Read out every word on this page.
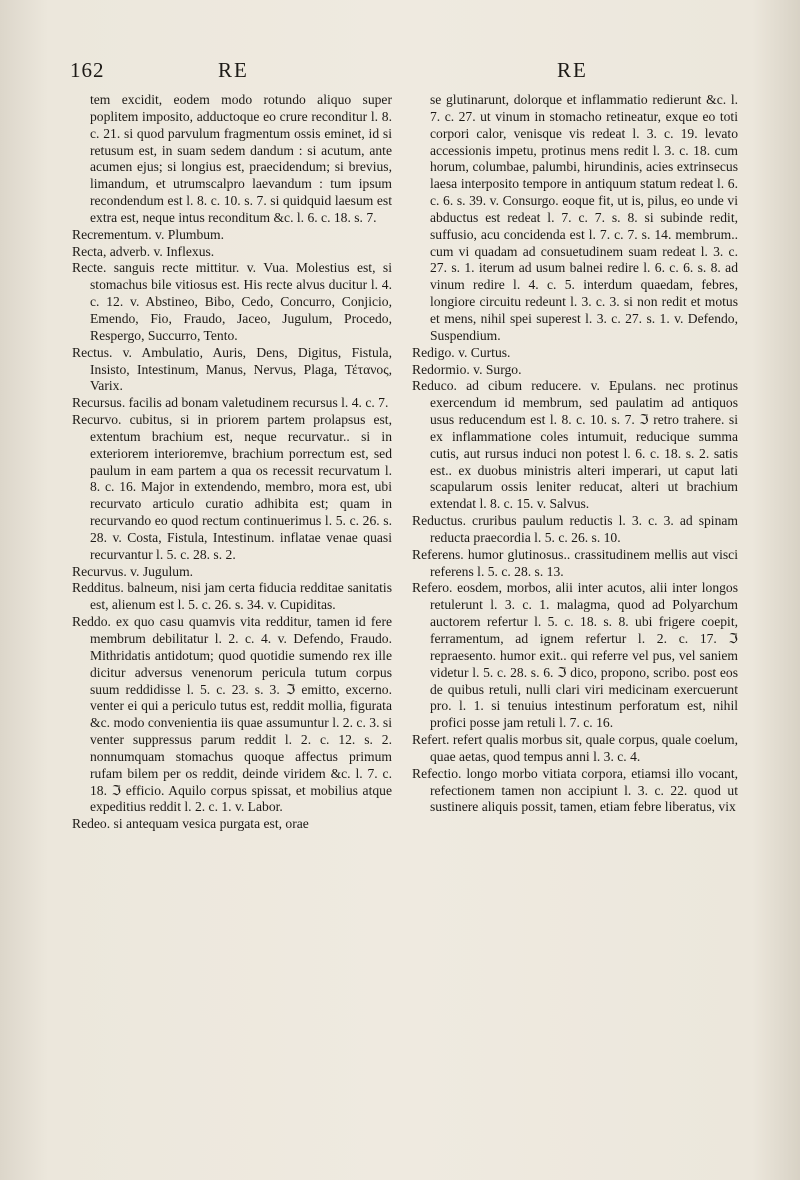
162	RE	RE

tem excidit, eodem modo rotundo aliquo super poplitem imposito, adductoque eo crure reconditur l. 8. c. 21. si quod parvulum fragmentum ossis eminet, id si retusum est, in suam sedem dandum : si acutum, ante acumen ejus; si longius est, praecidendum; si brevius, limandum, et utrumscalpro laevandum : tum ipsum recondendum est l. 8. c. 10. s. 7. si quidquid laesum est extra est, neque intus reconditum &c. l. 6. c. 18. s. 7.

Recrementum. v. Plumbum.

Recta, adverb. v. Inflexus.

Recte. sanguis recte mittitur. v. Vua. Molestius est, si stomachus bile vitiosus est. His recte alvus ducitur l. 4. c. 12. v. Abstineo, Bibo, Cedo, Concurro, Conjicio, Emendo, Fio, Fraudo, Jaceo, Jugulum, Procedo, Respergo, Succurro, Tento.

Rectus. v. Ambulatio, Auris, Dens, Digitus, Fistula, Insisto, Intestinum, Manus, Nervus, Plaga, Τέτανος, Varix.

Recursus. facilis ad bonam valetudinem recursus l. 4. c. 7.

Recurvo. cubitus, si in priorem partem prolapsus est, extentum brachium est, neque recurvatur.. si in exteriorem interioremve, brachium porrectum est, sed paulum in eam partem a qua os recessit recurvatum l. 8. c. 16. Major in extendendo, membro, mora est, ubi recurvato articulo curatio adhibita est; quam in recurvando eo quod rectum continuerimus l. 5. c. 26. s. 28. v. Costa, Fistula, Intestinum. inflatae venae quasi recurvantur l. 5. c. 28. s. 2.

Recurvus. v. Jugulum.

Redditus. balneum, nisi jam certa fiducia redditae sanitatis est, alienum est l. 5. c. 26. s. 34. v. Cupiditas.

Reddo. ex quo casu quamvis vita redditur, tamen id fere membrum debilitatur l. 2. c. 4. v. Defendo, Fraudo. Mithridatis antidotum; quod quotidie sumendo rex ille dicitur adversus venenorum pericula tutum corpus suum reddidisse l. 5. c. 23. s. 3. ℑ emitto, excerno. venter ei qui a periculo tutus est, reddit mollia, figurata &c. modo convenientia iis quae assumuntur l. 2. c. 3. si venter suppressus parum reddit l. 2. c. 12. s. 2. nonnumquam stomachus quoque affectus primum rufam bilem per os reddit, deinde viridem &c. l. 7. c. 18. ℑ efficio. Aquilo corpus spissat, et mobilius atque expeditius reddit l. 2. c. 1. v. Labor.

Redeo. si antequam vesica purgata est, orae

se glutinarunt, dolorque et inflammatio redierunt &c. l. 7. c. 27. ut vinum in stomacho retineatur, exque eo toti corpori calor, venisque vis redeat l. 3. c. 19. levato accessionis impetu, protinus mens redit l. 3. c. 18. cum horum, columbae, palumbi, hirundinis, acies extrinsecus laesa interposito tempore in antiquum statum redeat l. 6. c. 6. s. 39. v. Consurgo. eoque fit, ut is, pilus, eo unde vi abductus est redeat l. 7. c. 7. s. 8. si subinde redit, suffusio, acu concidenda est l. 7. c. 7. s. 14. membrum.. cum vi quadam ad consuetudinem suam redeat l. 3. c. 27. s. 1. iterum ad usum balnei redire l. 6. c. 6. s. 8. ad vinum redire l. 4. c. 5. interdum quaedam, febres, longiore circuitu redeunt l. 3. c. 3. si non redit et motus et mens, nihil spei superest l. 3. c. 27. s. 1. v. Defendo, Suspendium.

Redigo. v. Curtus.

Redormio. v. Surgo.

Reduco. ad cibum reducere. v. Epulans. nec protinus exercendum id membrum, sed paulatim ad antiquos usus reducendum est l. 8. c. 10. s. 7. ℑ retro trahere. si ex inflammatione coles intumuit, reducique summa cutis, aut rursus induci non potest l. 6. c. 18. s. 2. satis est.. ex duobus ministris alteri imperari, ut caput lati scapularum ossis leniter reducat, alteri ut brachium extendat l. 8. c. 15. v. Salvus.

Reductus. cruribus paulum reductis l. 3. c. 3. ad spinam reducta praecordia l. 5. c. 26. s. 10.

Referens. humor glutinosus.. crassitudinem mellis aut visci referens l. 5. c. 28. s. 13.

Refero. eosdem, morbos, alii inter acutos, alii inter longos retulerunt l. 3. c. 1. malagma, quod ad Polyarchum auctorem refertur l. 5. c. 18. s. 8. ubi frigere coepit, ferramentum, ad ignem refertur l. 2. c. 17. ℑ repraesento. humor exit.. qui referre vel pus, vel saniem videtur l. 5. c. 28. s. 6. ℑ dico, propono, scribo. post eos de quibus retuli, nulli clari viri medicinam exercuerunt pro. l. 1. si tenuius intestinum perforatum est, nihil profici posse jam retuli l. 7. c. 16.

Refert. refert qualis morbus sit, quale corpus, quale coelum, quae aetas, quod tempus anni l. 3. c. 4.

Refectio. longo morbo vitiata corpora, etiamsi illo vocant, refectionem tamen non accipiunt l. 3. c. 22. quod ut sustinere aliquis possit, tamen, etiam febre liberatus, vix
